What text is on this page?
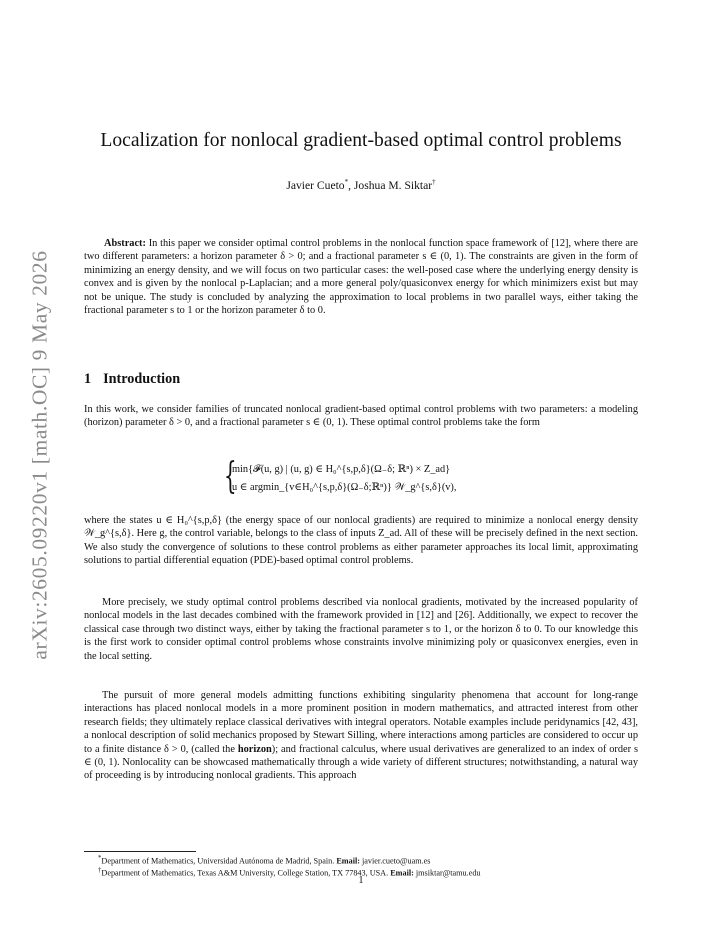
arXiv:2605.09220v1 [math.OC] 9 May 2026
Localization for nonlocal gradient-based optimal control problems
Javier Cueto*, Joshua M. Siktar†
Abstract: In this paper we consider optimal control problems in the nonlocal function space framework of [12], where there are two different parameters: a horizon parameter δ > 0; and a fractional parameter s ∈ (0, 1). The constraints are given in the form of minimizing an energy density, and we will focus on two particular cases: the well-posed case where the underlying energy density is convex and is given by the nonlocal p-Laplacian; and a more general poly/quasiconvex energy for which minimizers exist but may not be unique. The study is concluded by analyzing the approximation to local problems in two parallel ways, either taking the fractional parameter s to 1 or the horizon parameter δ to 0.
1 Introduction
In this work, we consider families of truncated nonlocal gradient-based optimal control problems with two parameters: a modeling (horizon) parameter δ > 0, and a fractional parameter s ∈ (0, 1). These optimal control problems take the form
{
min{𝓕(u, g) | (u, g) ∈ H₀^{s,p,δ}(Ω₋δ; ℝⁿ) × Z_ad}
u ∈ argmin_{v∈H₀^{s,p,δ}(Ω₋δ;ℝⁿ)} 𝒲_g^{s,δ}(v),
where the states u ∈ H₀^{s,p,δ} (the energy space of our nonlocal gradients) are required to minimize a nonlocal energy density 𝒲_g^{s,δ}. Here g, the control variable, belongs to the class of inputs Z_ad. All of these will be precisely defined in the next section. We also study the convergence of solutions to these control problems as either parameter approaches its local limit, approximating solutions to partial differential equation (PDE)-based optimal control problems.
More precisely, we study optimal control problems described via nonlocal gradients, motivated by the increased popularity of nonlocal models in the last decades combined with the framework provided in [12] and [26]. Additionally, we expect to recover the classical case through two distinct ways, either by taking the fractional parameter s to 1, or the horizon δ to 0. To our knowledge this is the first work to consider optimal control problems whose constraints involve minimizing poly or quasiconvex energies, even in the local setting.
The pursuit of more general models admitting functions exhibiting singularity phenomena that account for long-range interactions has placed nonlocal models in a more prominent position in modern mathematics, and attracted interest from other research fields; they ultimately replace classical derivatives with integral operators. Notable examples include peridynamics [42, 43], a nonlocal description of solid mechanics proposed by Stewart Silling, where interactions among particles are considered to occur up to a finite distance δ > 0, (called the horizon); and fractional calculus, where usual derivatives are generalized to an index of order s ∈ (0, 1). Nonlocality can be showcased mathematically through a wide variety of different structures; notwithstanding, a natural way of proceeding is by introducing nonlocal gradients. This approach
*Department of Mathematics, Universidad Autónoma de Madrid, Spain. Email: javier.cueto@uam.es
†Department of Mathematics, Texas A&M University, College Station, TX 77843, USA. Email: jmsiktar@tamu.edu
1
